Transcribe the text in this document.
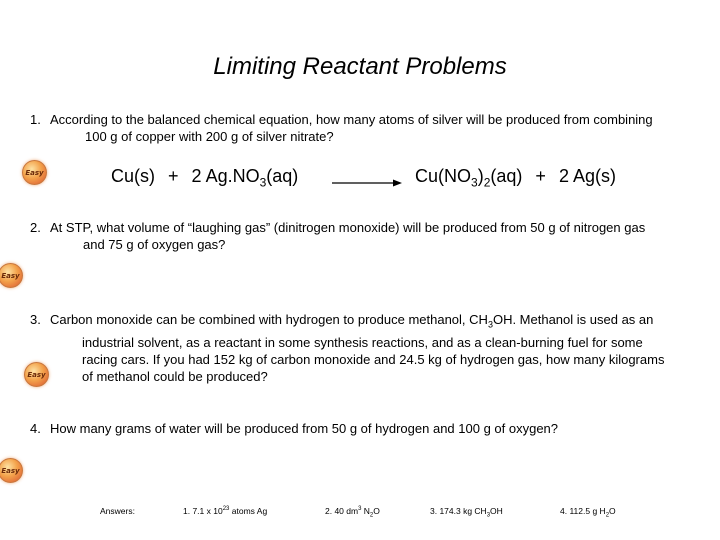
Limiting Reactant Problems
1. According to the balanced chemical equation, how many atoms of silver will be produced from combining
100 g of copper with 200 g of silver nitrate?
Easy	Cu(s) + 2 $Ag.NO_3(aq)$	$Cu(NO_3)_2(aq) + 2$ Ag(s)
2. At STP, what volume of “laughing gas” (dinitrogen monoxide) will be produced from 50 g of nitrogen gas
and 75 g of oxygen gas?
Easy
3. Carbon monoxide can be combined with hydrogen to produce methanol, $CH_3OH$. Methanol is used as an
industrial solvent, as a reactant in some synthesis reactions, and as a clean-burning fuel for some
racing cars. If you had 152 kg of carbon monoxide and 24.5 kg of hydrogen gas, how many kilograms
of methanol could be produced?
Easy
4. How many grams of water will be produced from 50 g of hydrogen and 100 g of oxygen?
Easy
Answers:	1. 7.1 x $10^{23}$ atoms Ag	2. 40 $dm^3$ $N_2O$	3. 174.3 kg $CH_3OH$	4. 112.5 g $H_2O$
